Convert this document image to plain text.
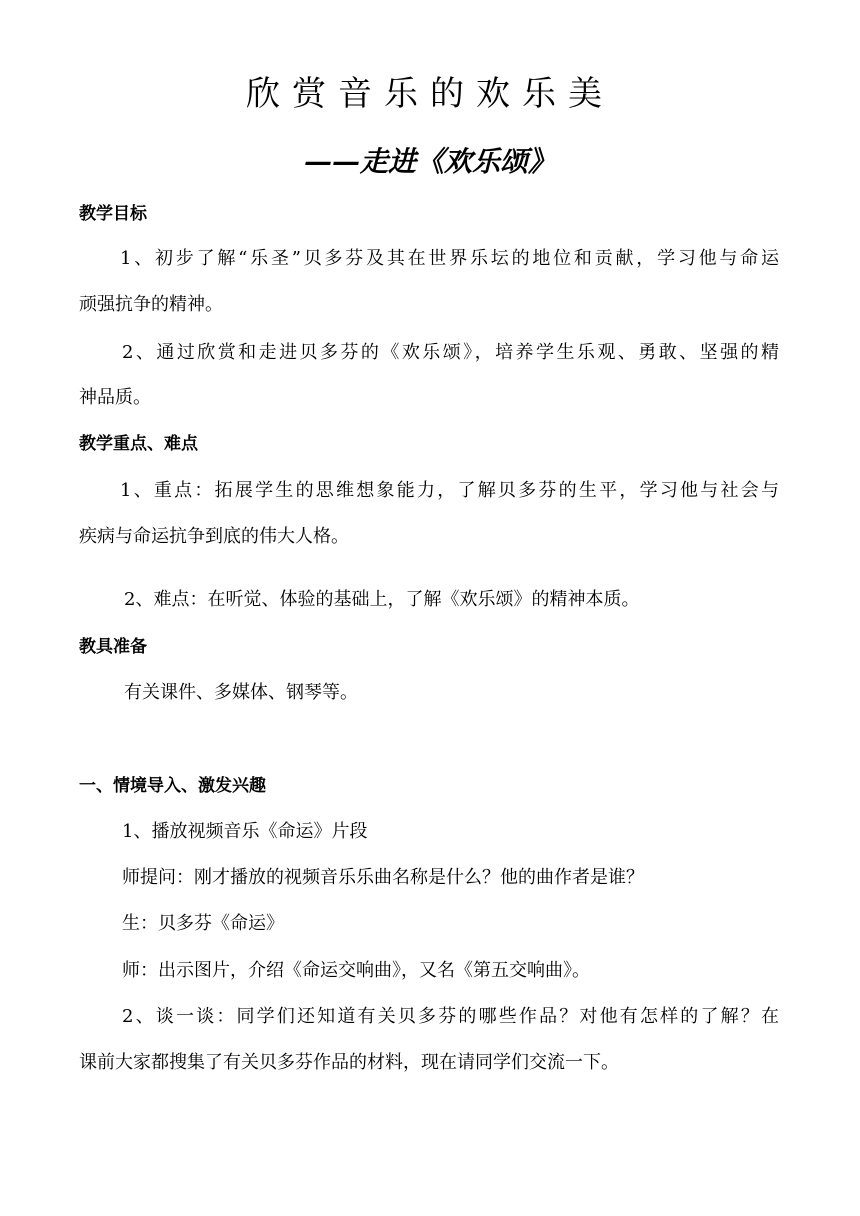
欣赏音乐的欢乐美
——走进《欢乐颂》
教学目标
1、初步了解“乐圣”贝多芬及其在世界乐坛的地位和贡献，学习他与命运
顽强抗争的精神。
2、通过欣赏和走进贝多芬的《欢乐颂》，培养学生乐观、勇敢、坚强的精
神品质。
教学重点、难点
1、重点：拓展学生的思维想象能力，了解贝多芬的生平，学习他与社会与
疾病与命运抗争到底的伟大人格。
2、难点：在听觉、体验的基础上，了解《欢乐颂》的精神本质。
教具准备
有关课件、多媒体、钢琴等。
一、情境导入、激发兴趣
1、播放视频音乐《命运》片段
师提问：刚才播放的视频音乐乐曲名称是什么？他的曲作者是谁？
生：贝多芬《命运》
师：出示图片，介绍《命运交响曲》，又名《第五交响曲》。
2、谈一谈：同学们还知道有关贝多芬的哪些作品？对他有怎样的了解？在
课前大家都搜集了有关贝多芬作品的材料，现在请同学们交流一下。
